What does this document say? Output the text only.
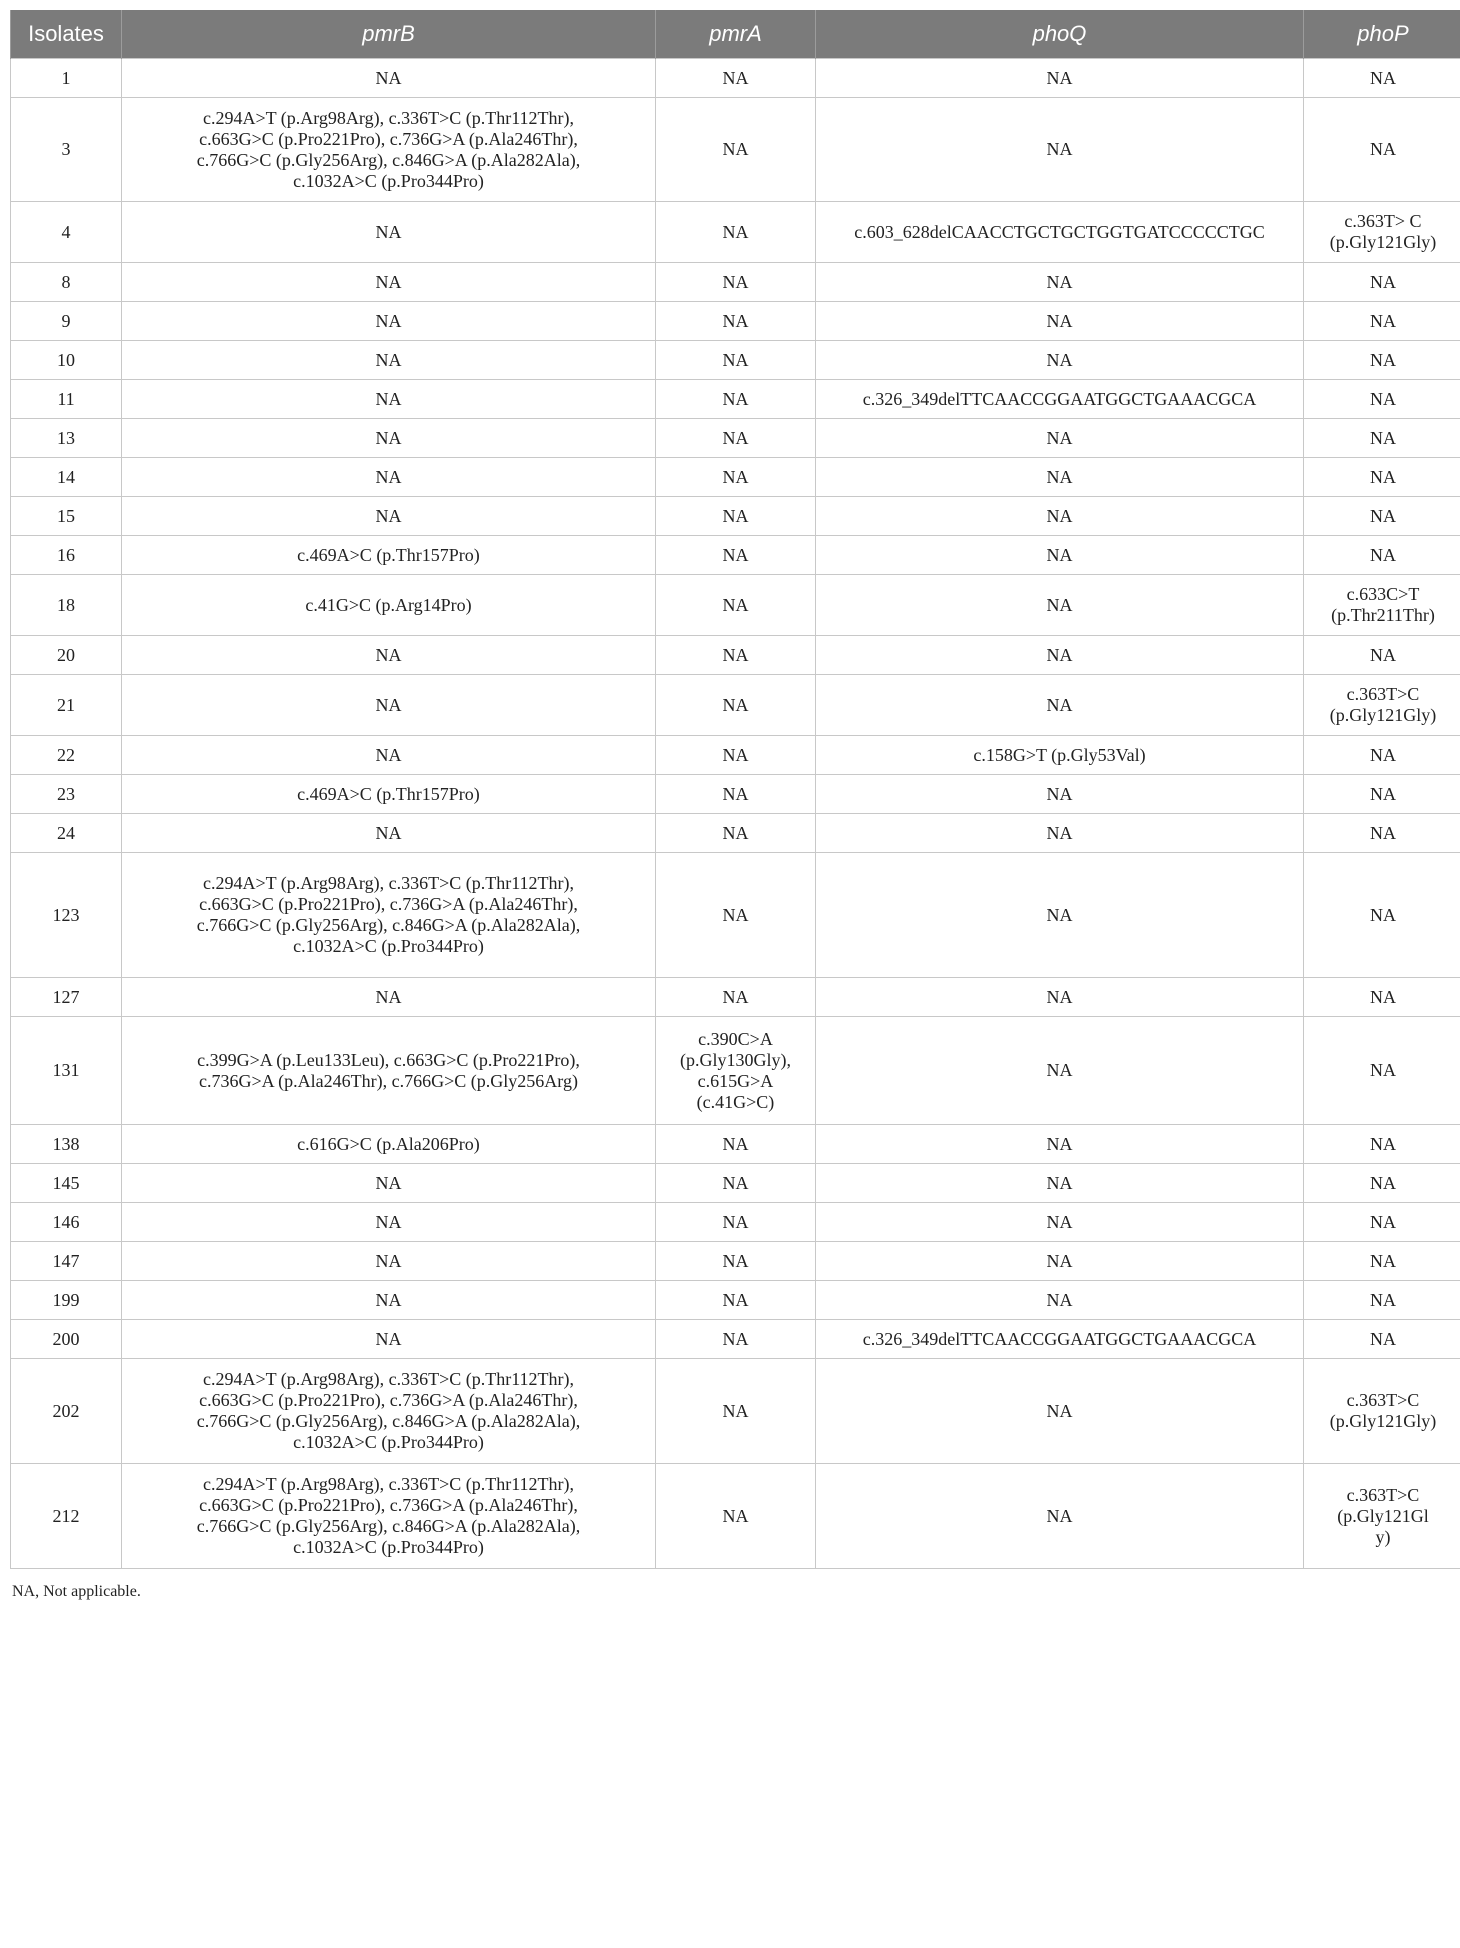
Isolates	pmrB	pmrA	phoQ	phoP
1	NA	NA	NA	NA
3	c.294A>T (p.Arg98Arg), c.336T>C (p.Thr112Thr),
c.663G>C (p.Pro221Pro), c.736G>A (p.Ala246Thr),
c.766G>C (p.Gly256Arg), c.846G>A (p.Ala282Ala),
c.1032A>C (p.Pro344Pro)	NA	NA	NA
4	NA	NA	c.603_628delCAACCTGCTGCTGGTGATCCCCCTGC	c.363T> C
(p.Gly121Gly)
8	NA	NA	NA	NA
9	NA	NA	NA	NA
10	NA	NA	NA	NA
11	NA	NA	c.326_349delTTCAACCGGAATGGCTGAAACGCA	NA
13	NA	NA	NA	NA
14	NA	NA	NA	NA
15	NA	NA	NA	NA
16	c.469A>C (p.Thr157Pro)	NA	NA	NA
18	c.41G>C (p.Arg14Pro)	NA	NA	c.633C>T
(p.Thr211Thr)
20	NA	NA	NA	NA
21	NA	NA	NA	c.363T>C
(p.Gly121Gly)
22	NA	NA	c.158G>T (p.Gly53Val)	NA
23	c.469A>C (p.Thr157Pro)	NA	NA	NA
24	NA	NA	NA	NA
123	c.294A>T (p.Arg98Arg), c.336T>C (p.Thr112Thr),
c.663G>C (p.Pro221Pro), c.736G>A (p.Ala246Thr),
c.766G>C (p.Gly256Arg), c.846G>A (p.Ala282Ala),
c.1032A>C (p.Pro344Pro)	NA	NA	NA
127	NA	NA	NA	NA
131	c.399G>A (p.Leu133Leu), c.663G>C (p.Pro221Pro),
c.736G>A (p.Ala246Thr), c.766G>C (p.Gly256Arg)	c.390C>A
(p.Gly130Gly),
c.615G>A
(c.41G>C)	NA	NA
138	c.616G>C (p.Ala206Pro)	NA	NA	NA
145	NA	NA	NA	NA
146	NA	NA	NA	NA
147	NA	NA	NA	NA
199	NA	NA	NA	NA
200	NA	NA	c.326_349delTTCAACCGGAATGGCTGAAACGCA	NA
202	c.294A>T (p.Arg98Arg), c.336T>C (p.Thr112Thr),
c.663G>C (p.Pro221Pro), c.736G>A (p.Ala246Thr),
c.766G>C (p.Gly256Arg), c.846G>A (p.Ala282Ala),
c.1032A>C (p.Pro344Pro)	NA	NA	c.363T>C
(p.Gly121Gly)
212	c.294A>T (p.Arg98Arg), c.336T>C (p.Thr112Thr),
c.663G>C (p.Pro221Pro), c.736G>A (p.Ala246Thr),
c.766G>C (p.Gly256Arg), c.846G>A (p.Ala282Ala),
c.1032A>C (p.Pro344Pro)	NA	NA	c.363T>C
(p.Gly121Gl
y)
NA, Not applicable.
